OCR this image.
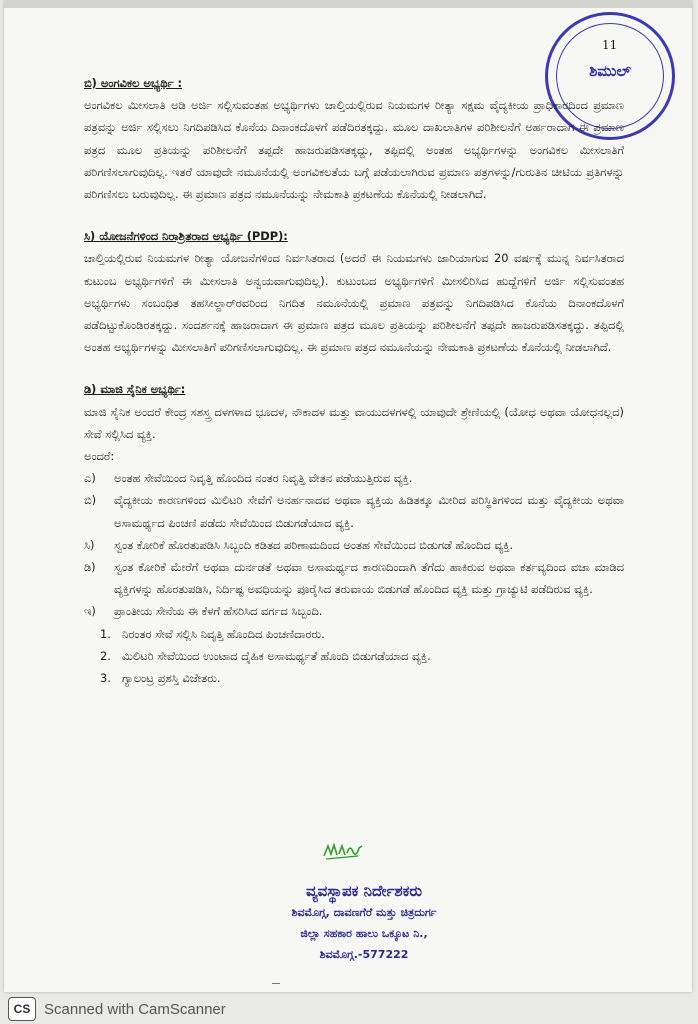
ಶಿಮುಲ್
11

ಬಿ) ಅಂಗವಿಕಲ ಅಭ್ಯರ್ಥಿ :

ಅಂಗವಿಕಲ ಮೀಸಲಾತಿ ಅಡಿ ಅರ್ಜಿ ಸಲ್ಲಿಸುವಂತಹ ಅಭ್ಯರ್ಥಿಗಳು ಚಾಲ್ತಿಯಲ್ಲಿರುವ ನಿಯಮಗಳ ರೀತ್ಯಾ ಸಕ್ಷಮ ವೈದ್ಯಕೀಯ ಪ್ರಾಧಿಕಾರದಿಂದ ಪ್ರಮಾಣ ಪತ್ರವನ್ನು ಅರ್ಜಿ ಸಲ್ಲಿಸಲು ನಿಗದಿಪಡಿಸಿದ ಕೊನೆಯ ದಿನಾಂಕದೊಳಗೆ ಪಡೆದಿರತಕ್ಕದ್ದು. ಮೂಲ ದಾಖಲಾತಿಗಳ ಪರಿಶೀಲನೆಗೆ ಅರ್ಹರಾದಾಗ ಈ ಪ್ರಮಾಣ ಪತ್ರದ ಮೂಲ ಪ್ರತಿಯನ್ನು ಪರಿಶೀಲನೆಗೆ ತಪ್ಪದೇ ಹಾಜರುಪಡಿಸತಕ್ಕದ್ದು, ತಪ್ಪಿದಲ್ಲಿ ಅಂತಹ ಅಭ್ಯರ್ಥಿಗಳನ್ನು ಅಂಗವಿಕಲ ಮೀಸಲಾತಿಗೆ ಪರಿಗಣಿಸಲಾಗುವುದಿಲ್ಲ. ಇತರೆ ಯಾವುದೇ ನಮೂನೆಯಲ್ಲಿ ಅಂಗವಿಕಲತೆಯ ಬಗ್ಗೆ ಪಡೆಯಲಾಗಿರುವ ಪ್ರಮಾಣ ಪತ್ರಗಳನ್ನು/ಗುರುತಿನ ಚೀಟಿಯ ಪ್ರತಿಗಳನ್ನು ಪರಿಗಣಿಸಲು ಬರುವುದಿಲ್ಲ. ಈ ಪ್ರಮಾಣ ಪತ್ರದ ನಮೂನೆಯನ್ನು ನೇಮಕಾತಿ ಪ್ರಕಟಣೆಯ ಕೊನೆಯಲ್ಲಿ ನೀಡಲಾಗಿದೆ.

ಸಿ) ಯೋಜನೆಗಳಿಂದ ನಿರಾಶ್ರಿತರಾದ ಅಭ್ಯರ್ಥಿ (PDP):

ಚಾಲ್ತಿಯಲ್ಲಿರುವ ನಿಯಮಗಳ ರೀತ್ಯಾ ಯೋಜನೆಗಳಿಂದ ನಿರ್ವಸಿತರಾದ (ಅದರೆ ಈ ನಿಯಮಗಳು ಜಾರಿಯಾಗುವ 20 ವರ್ಷಕ್ಕೆ ಮುನ್ನ ನಿರ್ವಸಿತರಾದ ಕುಟುಂಬ ಅಭ್ಯರ್ಥಿಗಳಿಗೆ ಈ ಮೀಸಲಾತಿ ಅನ್ವಯವಾಗುವುದಿಲ್ಲ). ಕುಟುಂಬದ ಅಭ್ಯರ್ಥಿಗಳಿಗೆ ಮೀಸಲಿರಿಸಿದ ಹುದ್ದೆಗಳಿಗೆ ಅರ್ಜಿ ಸಲ್ಲಿಸುವಂತಹ ಅಭ್ಯರ್ಥಿಗಳು ಸಂಬಂಧಿತ ತಹಸೀಲ್ದಾರ್‌ರವರಿಂದ ನಿಗದಿತ ನಮೂನೆಯಲ್ಲಿ ಪ್ರಮಾಣ ಪತ್ರವನ್ನು ನಿಗದಿಪಡಿಸಿದ ಕೊನೆಯ ದಿನಾಂಕದೊಳಗೆ ಪಡೆದಿಟ್ಟುಕೊಂಡಿರತಕ್ಕದ್ದು. ಸಂದರ್ಶನಕ್ಕೆ ಹಾಜರಾದಾಗ ಈ ಪ್ರಮಾಣ ಪತ್ರದ ಮೂಲ ಪ್ರತಿಯನ್ನು ಪರಿಶೀಲನೆಗೆ ತಪ್ಪದೇ ಹಾಜರುಪಡಿಸತಕ್ಕದ್ದು. ತಪ್ಪಿದಲ್ಲಿ ಅಂತಹ ಅಭ್ಯರ್ಥಿಗಳನ್ನು ಮೀಸಲಾತಿಗೆ ಪರಿಗಣಿಸಲಾಗುವುದಿಲ್ಲ. ಈ ಪ್ರಮಾಣ ಪತ್ರದ ನಮೂನೆಯನ್ನು ನೇಮಕಾತಿ ಪ್ರಕಟಣೆಯ ಕೊನೆಯಲ್ಲಿ ನೀಡಲಾಗಿದೆ.

ಡಿ) ಮಾಜಿ ಸೈನಿಕ ಅಭ್ಯರ್ಥಿ:

ಮಾಜಿ ಸೈನಿಕ ಅಂದರೆ ಕೇಂದ್ರ ಸಶಸ್ತ್ರ ದಳಗಳಾದ ಭೂದಳ, ನೌಕಾದಳ ಮತ್ತು ವಾಯುದಳಗಳಲ್ಲಿ ಯಾವುದೇ ಶ್ರೇಣಿಯಲ್ಲಿ (ಯೋಧ ಅಥವಾ ಯೋಧನಲ್ಲದ) ಸೇವೆ ಸಲ್ಲಿಸಿದ ವ್ಯಕ್ತಿ.

ಅಂದರೆ:

ಎ)	ಅಂತಹ ಸೇವೆಯಿಂದ ನಿವೃತ್ತಿ ಹೊಂದಿದ ನಂತರ ನಿವೃತ್ತಿ ವೇತನ ಪಡೆಯುತ್ತಿರುವ ವ್ಯಕ್ತಿ.
ಬಿ)	ವೈದ್ಯಕೀಯ ಕಾರಣಗಳಿಂದ ಮಿಲಿಟರಿ ಸೇವೆಗೆ ಅನರ್ಹನಾದವ ಅಥವಾ ವ್ಯಕ್ತಿಯ ಹಿಡಿತಕ್ಕೂ ಮೀರಿದ ಪರಿಸ್ಥಿತಿಗಳಿಂದ ಮತ್ತು ವೈದ್ಯಕೀಯ ಅಥವಾ ಅಸಾಮರ್ಥ್ಯದ ಪಿಂಚಣಿ ಪಡೆದು ಸೇವೆಯಿಂದ ಬಿಡುಗಡೆಯಾದ ವ್ಯಕ್ತಿ.
ಸಿ)	ಸ್ವಂತ ಕೋರಿಕೆ ಹೊರತುಪಡಿಸಿ ಸಿಬ್ಬಂದಿ ಕಡಿತದ ಪರಿಣಾಮದಿಂದ ಅಂತಹ ಸೇವೆಯಿಂದ ಬಿಡುಗಡೆ ಹೊಂದಿದ ವ್ಯಕ್ತಿ.
ಡಿ)	ಸ್ವಂತ ಕೋರಿಕೆ ಮೇರೆಗೆ ಅಥವಾ ದುರ್ನಡತೆ ಅಥವಾ ಅಸಾಮರ್ಥ್ಯದ ಕಾರಣದಿಂದಾಗಿ ತೆಗೆದು ಹಾಕಿರುವ ಅಥವಾ ಕರ್ತವ್ಯದಿಂದ ವಜಾ ಮಾಡಿದ ವ್ಯಕ್ತಿಗಳನ್ನು ಹೊರತುಪಡಿಸಿ, ನಿರ್ದಿಷ್ಟ ಅವಧಿಯನ್ನು ಪೂರೈಸಿದ ತರುವಾಯ ಬಿಡುಗಡೆ ಹೊಂದಿದ ವ್ಯಕ್ತಿ ಮತ್ತು ಗ್ರಾಚ್ಯುಟಿ ಪಡೆದಿರುವ ವ್ಯಕ್ತಿ.
ಇ)	ಪ್ರಾಂತೀಯ ಸೇನೆಯ ಈ ಕೆಳಗೆ ಹೆಸರಿಸಿದ ವರ್ಗದ ಸಿಬ್ಬಂದಿ.
1. ನಿರಂತರ ಸೇವೆ ಸಲ್ಲಿಸಿ ನಿವೃತ್ತಿ ಹೊಂದಿದ ಪಿಂಚಣಿದಾರರು.
2. ಮಿಲಿಟರಿ ಸೇವೆಯಿಂದ ಉಂಟಾದ ದೈಹಿಕ ಅಸಾಮರ್ಥ್ಯತೆ ಹೊಂದಿ ಬಿಡುಗಡೆಯಾದ ವ್ಯಕ್ತಿ.
3. ಗ್ಯಾಲಂಟ್ರ ಪ್ರಶಸ್ತಿ ವಿಜೇತರು.
ವ್ಯವಸ್ಥಾಪಕ ನಿರ್ದೇಶಕರು
ಶಿವಮೊಗ್ಗ, ದಾವಣಗೆರೆ ಮತ್ತು ಚಿತ್ರದುರ್ಗ
ಜಿಲ್ಲಾ ಸಹಕಾರ ಹಾಲು ಒಕ್ಕೂಟ ನಿ.,
ಶಿವಮೊಗ್ಗ.-577222
CS Scanned with CamScanner
